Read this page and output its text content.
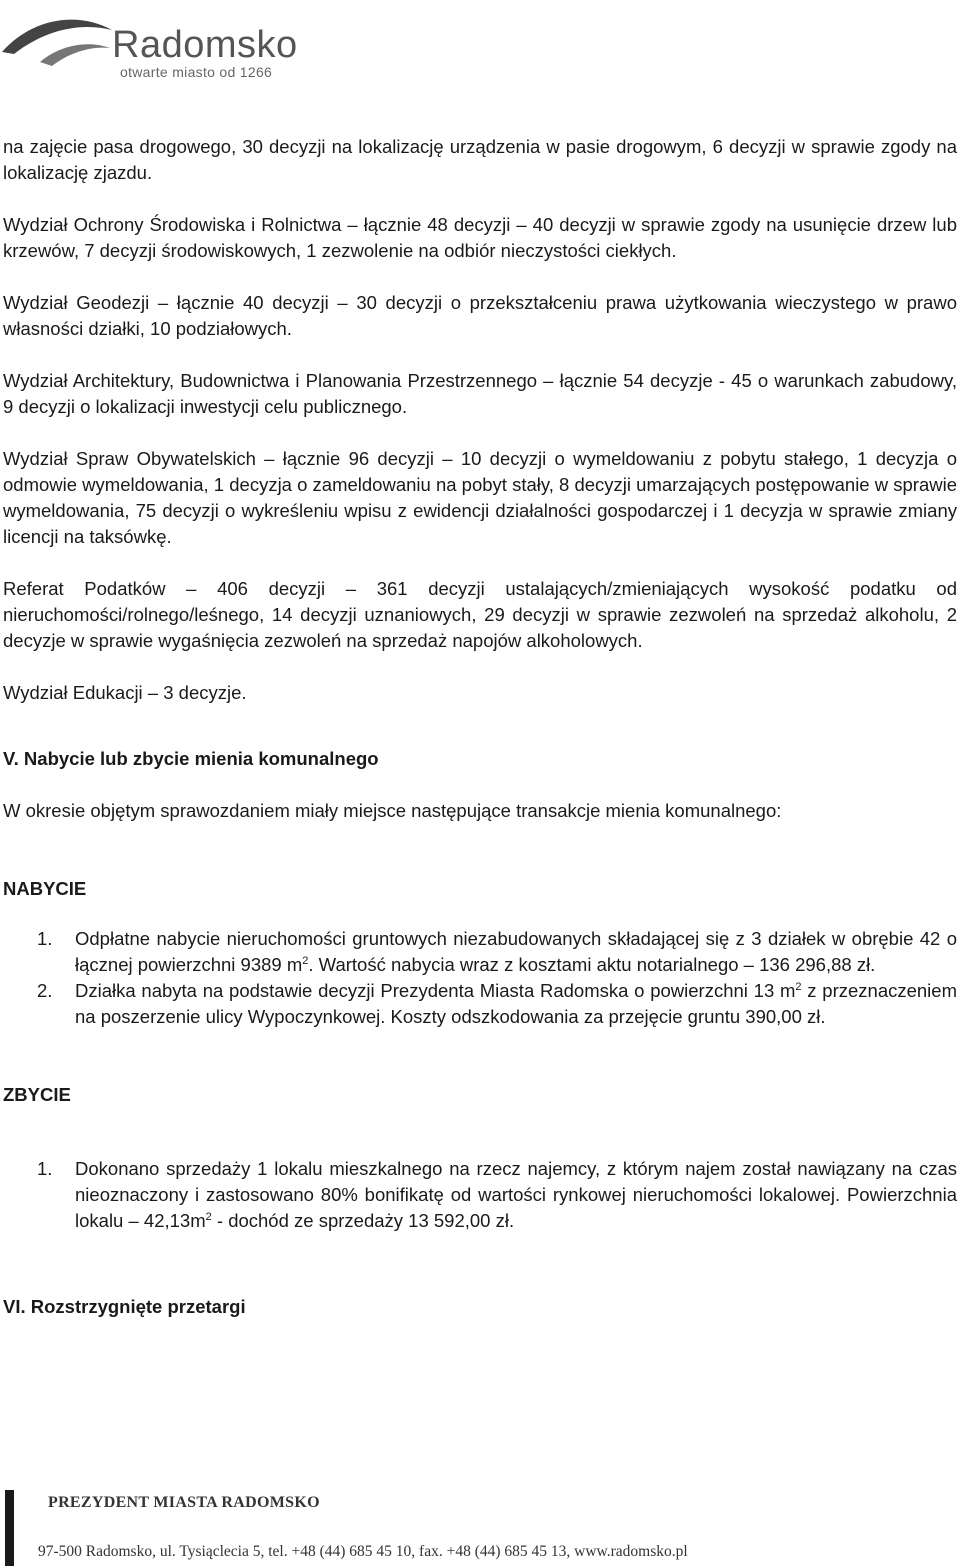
Radomsko
otwarte miasto od 1266

na zajęcie pasa drogowego, 30 decyzji na lokalizację urządzenia w pasie drogowym, 6 decyzji w sprawie zgody na lokalizację zjazdu.

Wydział Ochrony Środowiska i Rolnictwa – łącznie 48 decyzji – 40 decyzji w sprawie zgody na usunięcie drzew lub krzewów, 7 decyzji środowiskowych, 1 zezwolenie na odbiór nieczystości ciekłych.

Wydział Geodezji – łącznie 40 decyzji – 30 decyzji o przekształceniu prawa użytkowania wieczystego w prawo własności działki, 10 podziałowych.

Wydział Architektury, Budownictwa i Planowania Przestrzennego – łącznie 54 decyzje - 45 o warunkach zabudowy, 9 decyzji o lokalizacji inwestycji celu publicznego.

Wydział Spraw Obywatelskich – łącznie 96 decyzji – 10 decyzji o wymeldowaniu z pobytu stałego, 1 decyzja o odmowie wymeldowania, 1 decyzja o zameldowaniu na pobyt stały, 8 decyzji umarzających postępowanie w sprawie wymeldowania, 75 decyzji o wykreśleniu wpisu z ewidencji działalności gospodarczej i 1 decyzja w sprawie zmiany licencji na taksówkę.

Referat Podatków – 406 decyzji – 361 decyzji ustalających/zmieniających wysokość podatku od nieruchomości/rolnego/leśnego, 14 decyzji uznaniowych, 29 decyzji w sprawie zezwoleń na sprzedaż alkoholu, 2 decyzje w sprawie wygaśnięcia zezwoleń na sprzedaż napojów alkoholowych.

Wydział Edukacji – 3 decyzje.

V. Nabycie lub zbycie mienia komunalnego

W okresie objętym sprawozdaniem miały miejsce następujące transakcje mienia komunalnego:

NABYCIE
1. Odpłatne nabycie nieruchomości gruntowych niezabudowanych składającej się z 3 działek w obrębie 42 o łącznej powierzchni 9389 $m^2$. Wartość nabycia wraz z kosztami aktu notarialnego – 136 296,88 zł.
2. Działka nabyta na podstawie decyzji Prezydenta Miasta Radomska o powierzchni 13 $m^2$ z przeznaczeniem na poszerzenie ulicy Wypoczynkowej. Koszty odszkodowania za przejęcie gruntu 390,00 zł.
ZBYCIE
1. Dokonano sprzedaży 1 lokalu mieszkalnego na rzecz najemcy, z którym najem został nawiązany na czas nieoznaczony i zastosowano 80% bonifikatę od wartości rynkowej nieruchomości lokalowej. Powierzchnia lokalu – $42,13m^2$ - dochód ze sprzedaży 13 592,00 zł.
VI. Rozstrzygnięte przetargi
PREZYDENT MIASTA RADOMSKO
97-500 Radomsko, ul. Tysiąclecia 5, tel. +48 (44) 685 45 10, fax. +48 (44) 685 45 13, www.radomsko.pl
